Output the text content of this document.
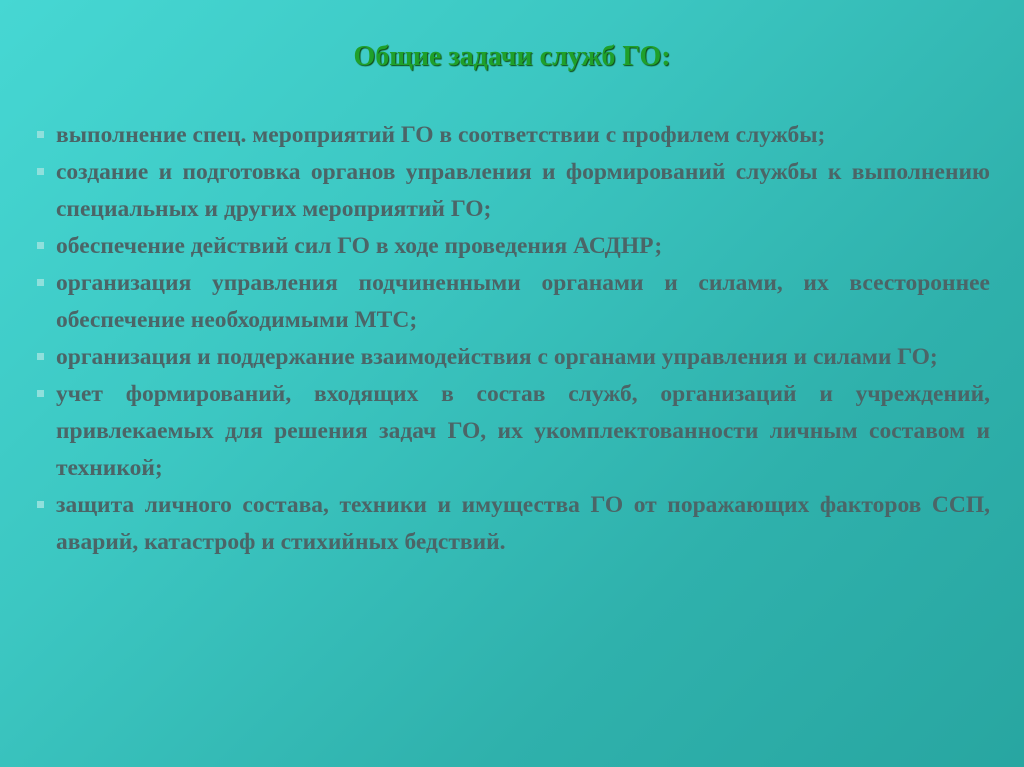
Общие задачи служб ГО:
выполнение спец. мероприятий ГО в соответствии с профилем службы;
создание и подготовка органов управления и формирований службы к выполнению специальных и других мероприятий ГО;
обеспечение действий сил ГО в ходе проведения АСДНР;
организация управления подчиненными органами и силами, их всестороннее обеспечение необходимыми МТС;
организация и поддержание взаимодействия с органами управления и силами ГО;
учет формирований, входящих в состав служб, организаций и учреждений, привлекаемых для решения задач ГО, их укомплектованности личным составом и техникой;
защита личного состава, техники и имущества ГО от поражающих факторов ССП, аварий, катастроф и стихийных бедствий.
